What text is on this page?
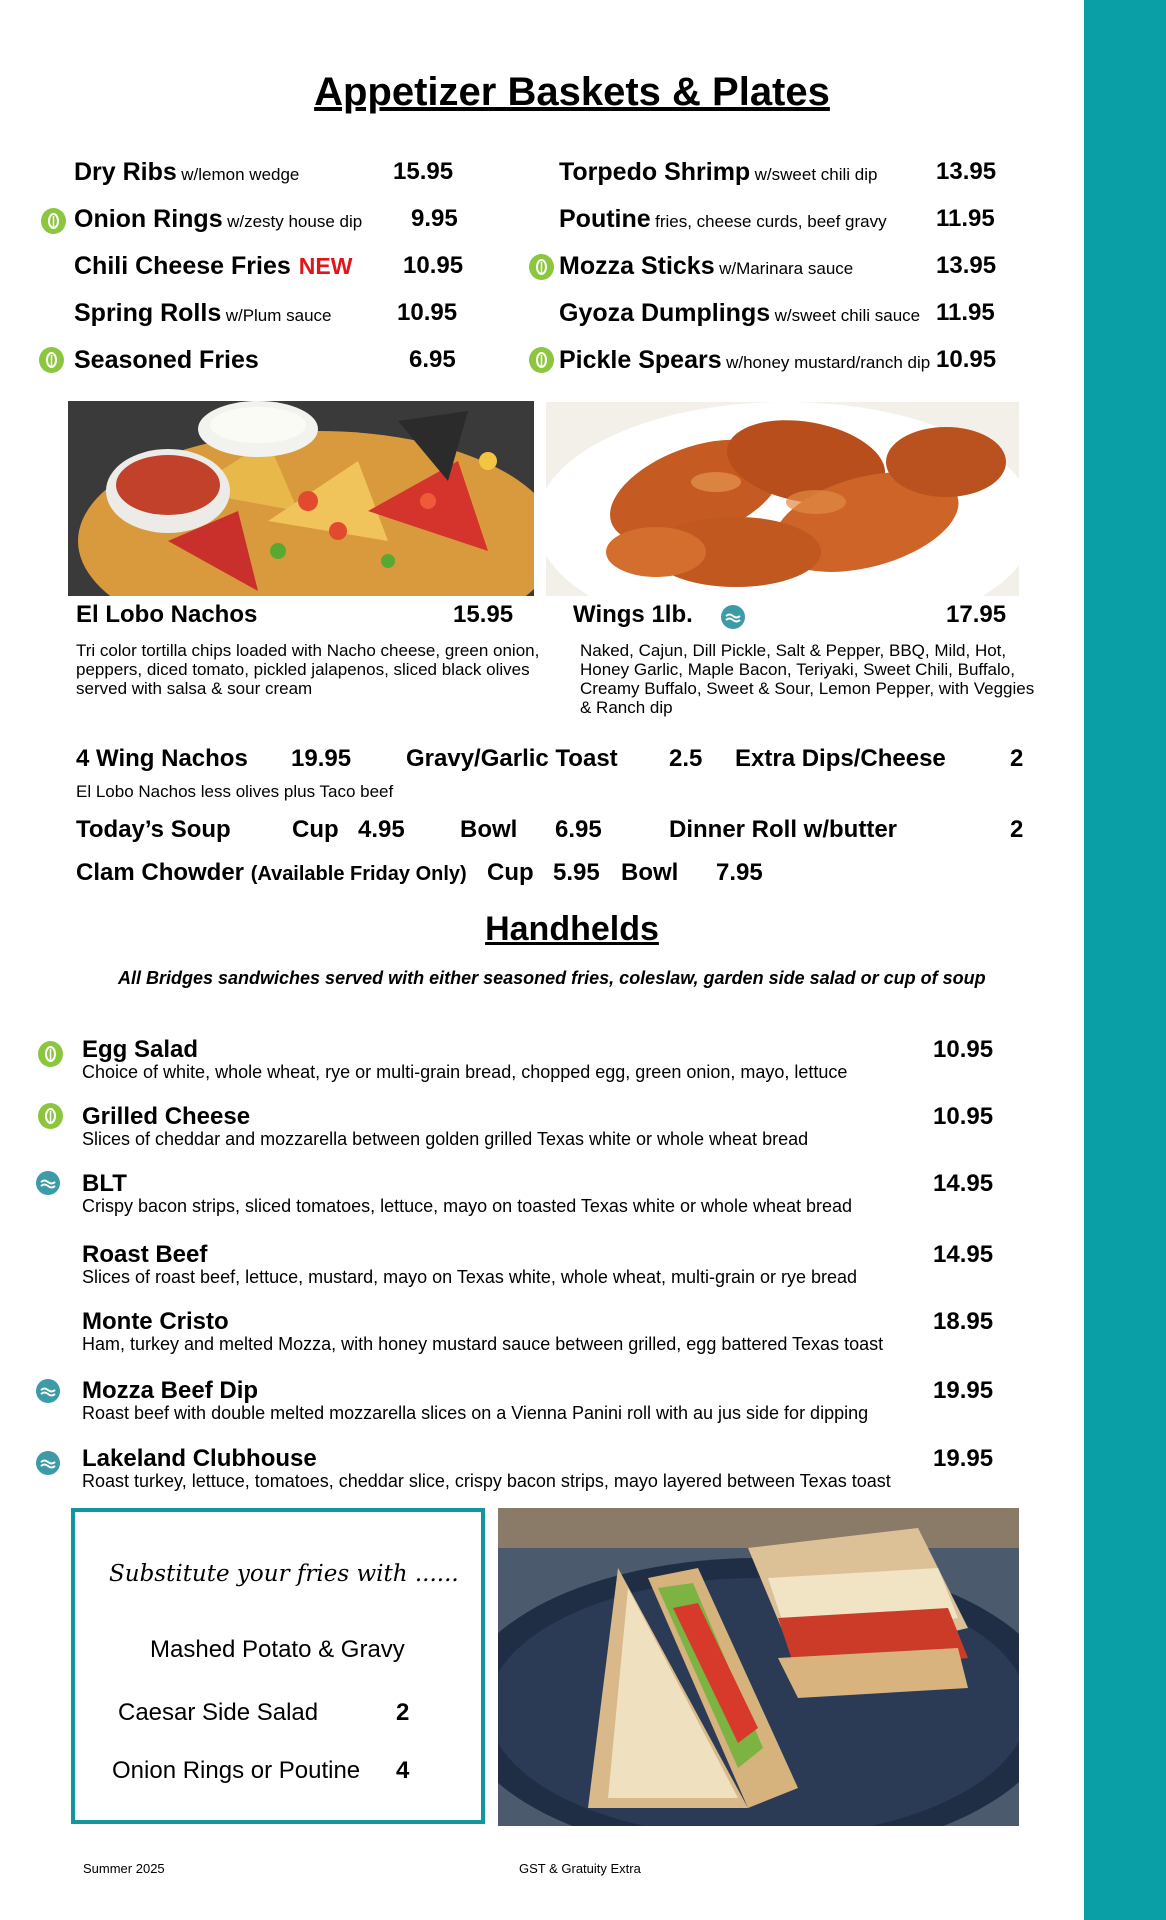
Appetizer Baskets & Plates
Dry Ribs w/lemon wedge	15.95
Onion Rings w/zesty house dip 9.95
Chili Cheese Fries NEW 10.95
Spring Rolls w/Plum sauce	10.95
Seasoned Fries	6.95
Torpedo Shrimp w/sweet chili dip 13.95
Poutine fries, cheese curds, beef gravy 11.95
Mozza Sticks w/Marinara sauce	13.95
Gyoza Dumplings w/sweet chili sauce 11.95
Pickle Spears w/honey mustard/ranch dip 10.95
El Lobo Nachos	15.95
Tri color tortilla chips loaded with Nacho cheese, green onion,
peppers, diced tomato, pickled jalapenos, sliced black olives
served with salsa & sour cream
Wings 1lb.	17.95
Naked, Cajun, Dill Pickle, Salt & Pepper, BBQ, Mild, Hot,
Honey Garlic, Maple Bacon, Teriyaki, Sweet Chili, Buffalo,
Creamy Buffalo, Sweet & Sour, Lemon Pepper, with Veggies
& Ranch dip
4 Wing Nachos 19.95 Gravy/Garlic Toast 2.5 Extra Dips/Cheese	2
El Lobo Nachos less olives plus Taco beef
Today’s Soup	Cup 4.95 Bowl 6.95	Dinner Roll w/butter	2
Clam Chowder (Available Friday Only) Cup 5.95 Bowl 7.95
Handhelds
All Bridges sandwiches served with either seasoned fries, coleslaw, garden side salad or cup of soup
Egg Salad	10.95
Choice of white, whole wheat, rye or multi-grain bread, chopped egg, green onion, mayo, lettuce
Grilled Cheese	10.95
Slices of cheddar and mozzarella between golden grilled Texas white or whole wheat bread
BLT	14.95
Crispy bacon strips, sliced tomatoes, lettuce, mayo on toasted Texas white or whole wheat bread
Roast Beef	14.95
Slices of roast beef, lettuce, mustard, mayo on Texas white, whole wheat, multi-grain or rye bread
Monte Cristo	18.95
Ham, turkey and melted Mozza, with honey mustard sauce between grilled, egg battered Texas toast
Mozza Beef Dip	19.95
Roast beef with double melted mozzarella slices on a Vienna Panini roll with au jus side for dipping
Lakeland Clubhouse	19.95
Roast turkey, lettuce, tomatoes, cheddar slice, crispy bacon strips, mayo layered between Texas toast
Substitute your fries with ......
Mashed Potato & Gravy
Caesar Side Salad	2
Onion Rings or Poutine 4
Summer 2025	GST & Gratuity Extra
